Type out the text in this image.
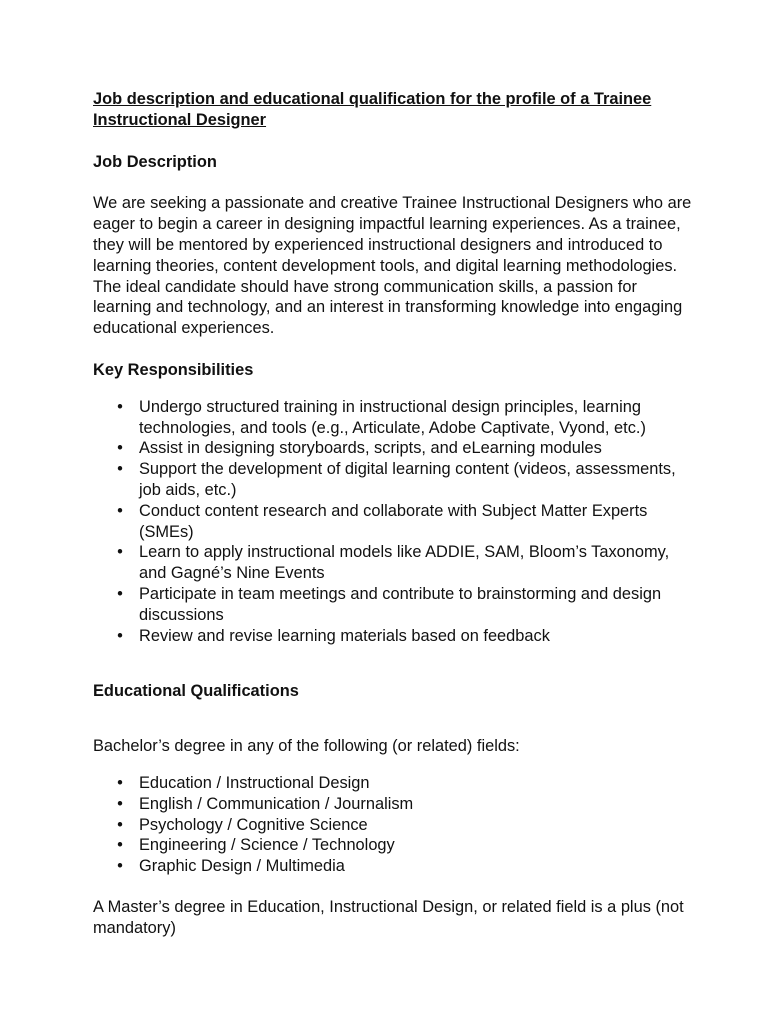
Job description and educational qualification for the profile of a Trainee Instructional Designer

Job Description

We are seeking a passionate and creative Trainee Instructional Designers who are eager to begin a career in designing impactful learning experiences. As a trainee, they will be mentored by experienced instructional designers and introduced to learning theories, content development tools, and digital learning methodologies. The ideal candidate should have strong communication skills, a passion for learning and technology, and an interest in transforming knowledge into engaging educational experiences.

Key Responsibilities

• Undergo structured training in instructional design principles, learning technologies, and tools (e.g., Articulate, Adobe Captivate, Vyond, etc.)
• Assist in designing storyboards, scripts, and eLearning modules
• Support the development of digital learning content (videos, assessments, job aids, etc.)
• Conduct content research and collaborate with Subject Matter Experts (SMEs)
• Learn to apply instructional models like ADDIE, SAM, Bloom’s Taxonomy, and Gagné’s Nine Events
• Participate in team meetings and contribute to brainstorming and design discussions
• Review and revise learning materials based on feedback

Educational Qualifications

Bachelor’s degree in any of the following (or related) fields:

• Education / Instructional Design
• English / Communication / Journalism
• Psychology / Cognitive Science
• Engineering / Science / Technology
• Graphic Design / Multimedia

A Master’s degree in Education, Instructional Design, or related field is a plus (not mandatory)
